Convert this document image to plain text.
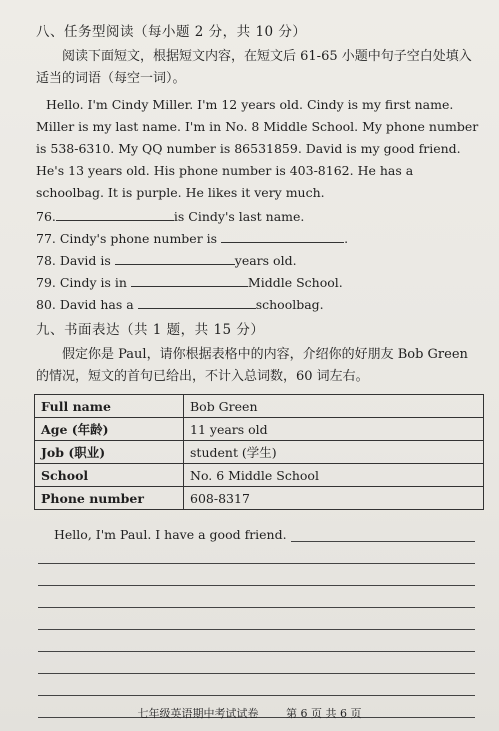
八、任务型阅读（每小题 2 分，共 10 分）

阅读下面短文，根据短文内容，在短文后 61-65 小题中句子空白处填入适当的词语（每空一词）。

Hello. I'm Cindy Miller. I'm 12 years old. Cindy is my first name. Miller is my last name. I'm in No. 8 Middle School. My phone number is 538-6310. My QQ number is 86531859. David is my good friend. He's 13 years old. His phone number is 403-8162. He has a schoolbag. It is purple. He likes it very much.

76.	is Cindy's last name.
77. Cindy's phone number is	.
78. David is	years old.
79. Cindy is in	Middle School.
80. David has a	schoolbag.
九、书面表达（共 1 题，共 15 分）

假定你是 Paul，请你根据表格中的内容，介绍你的好朋友 Bob Green 的情况，短文的首句已给出，不计入总词数，60 词左右。

Full name	Bob Green
Age (年龄)	11 years old
Job (职业)	student (学生)
School	No. 6 Middle School
Phone number	608-8317
Hello, I'm Paul. I have a good friend.
七年级英语期中考试试卷	第 6 页 共 6 页
